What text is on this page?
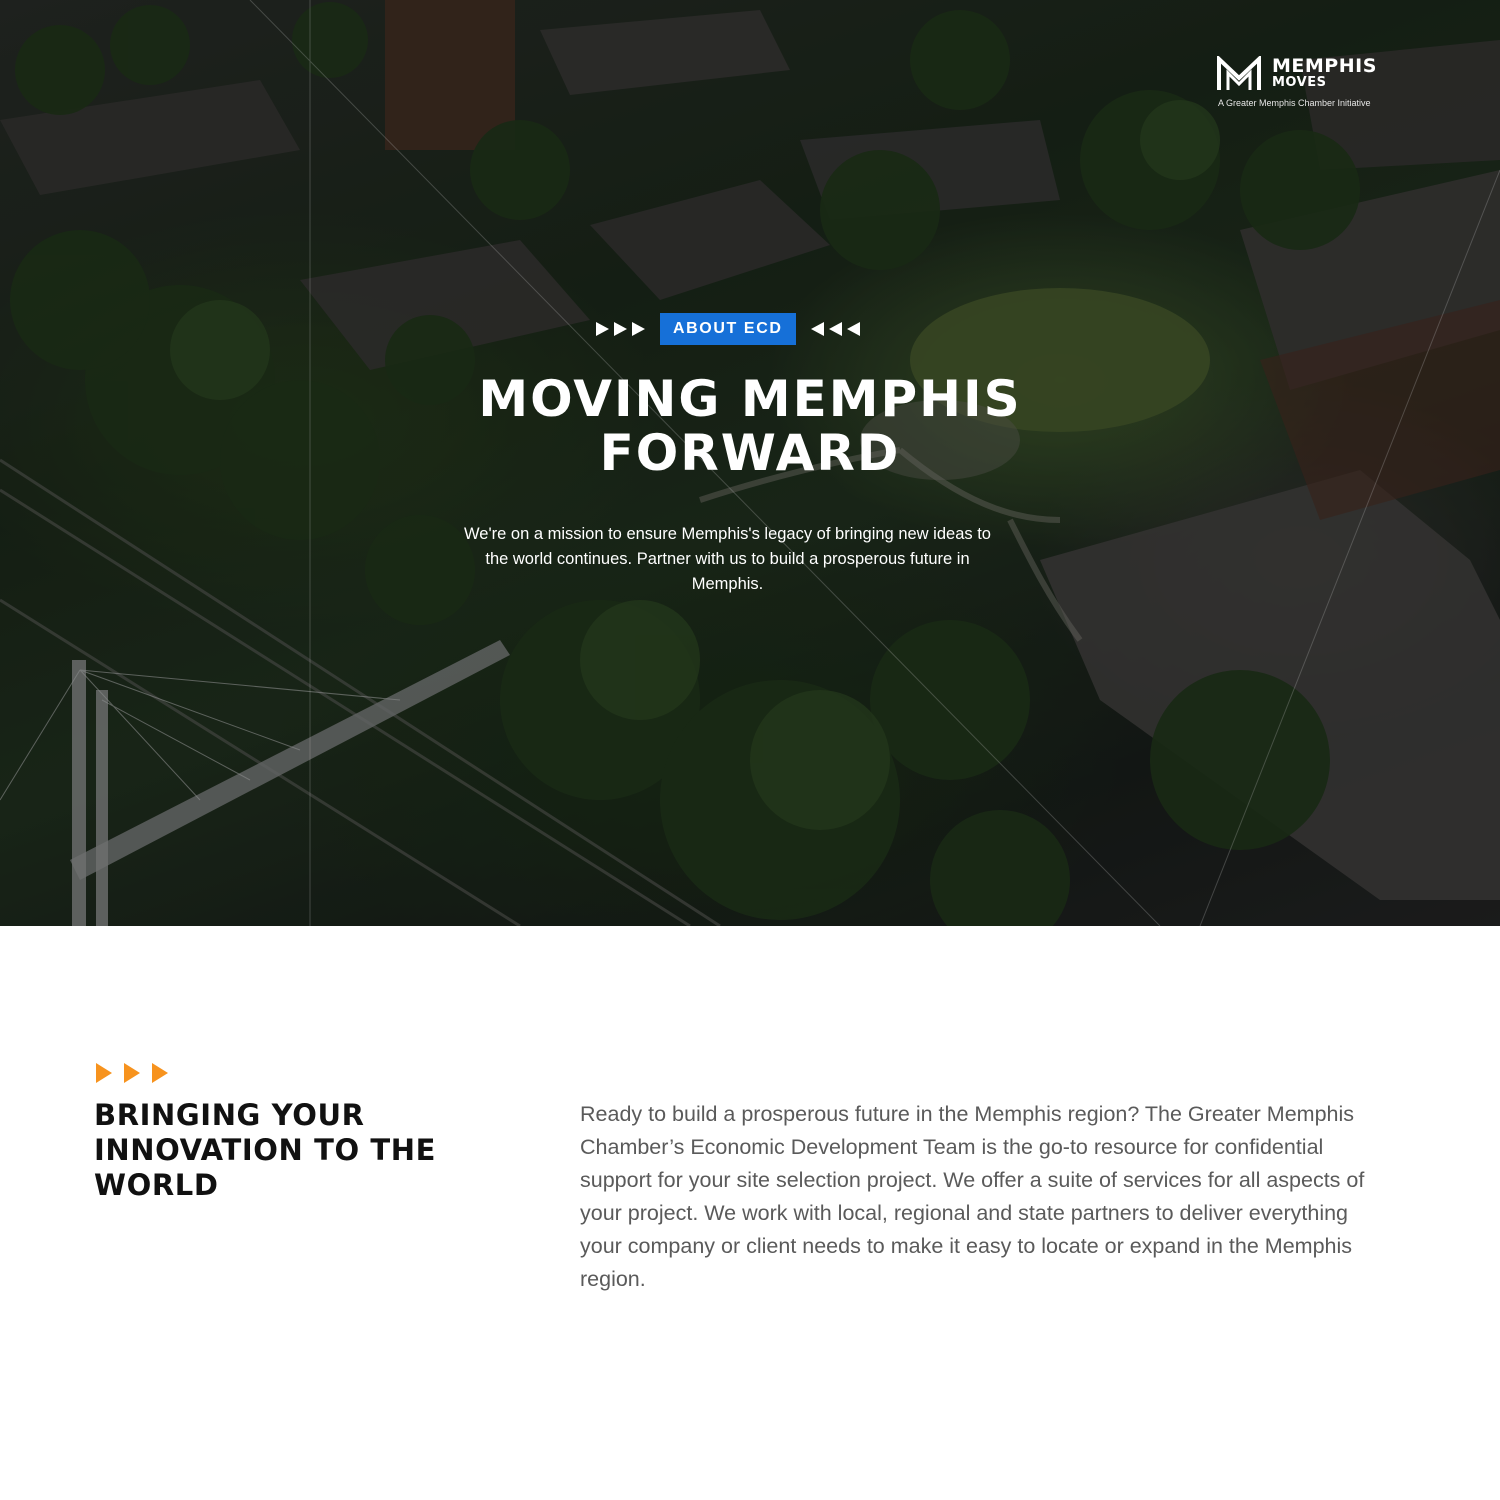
MEMPHIS
MOVES
A Greater Memphis Chamber Initiative
ABOUT ECD
MOVING MEMPHIS
FORWARD

We're on a mission to ensure Memphis's legacy of bringing new ideas to the world continues. Partner with us to build a prosperous future in Memphis.

BRINGING YOUR
INNOVATION TO THE
WORLD

Ready to build a prosperous future in the Memphis region? The Greater Memphis Chamber’s Economic Development Team is the go-to resource for confidential support for your site selection project. We offer a suite of services for all aspects of your project. We work with local, regional and state partners to deliver everything your company or client needs to make it easy to locate or expand in the Memphis region.
